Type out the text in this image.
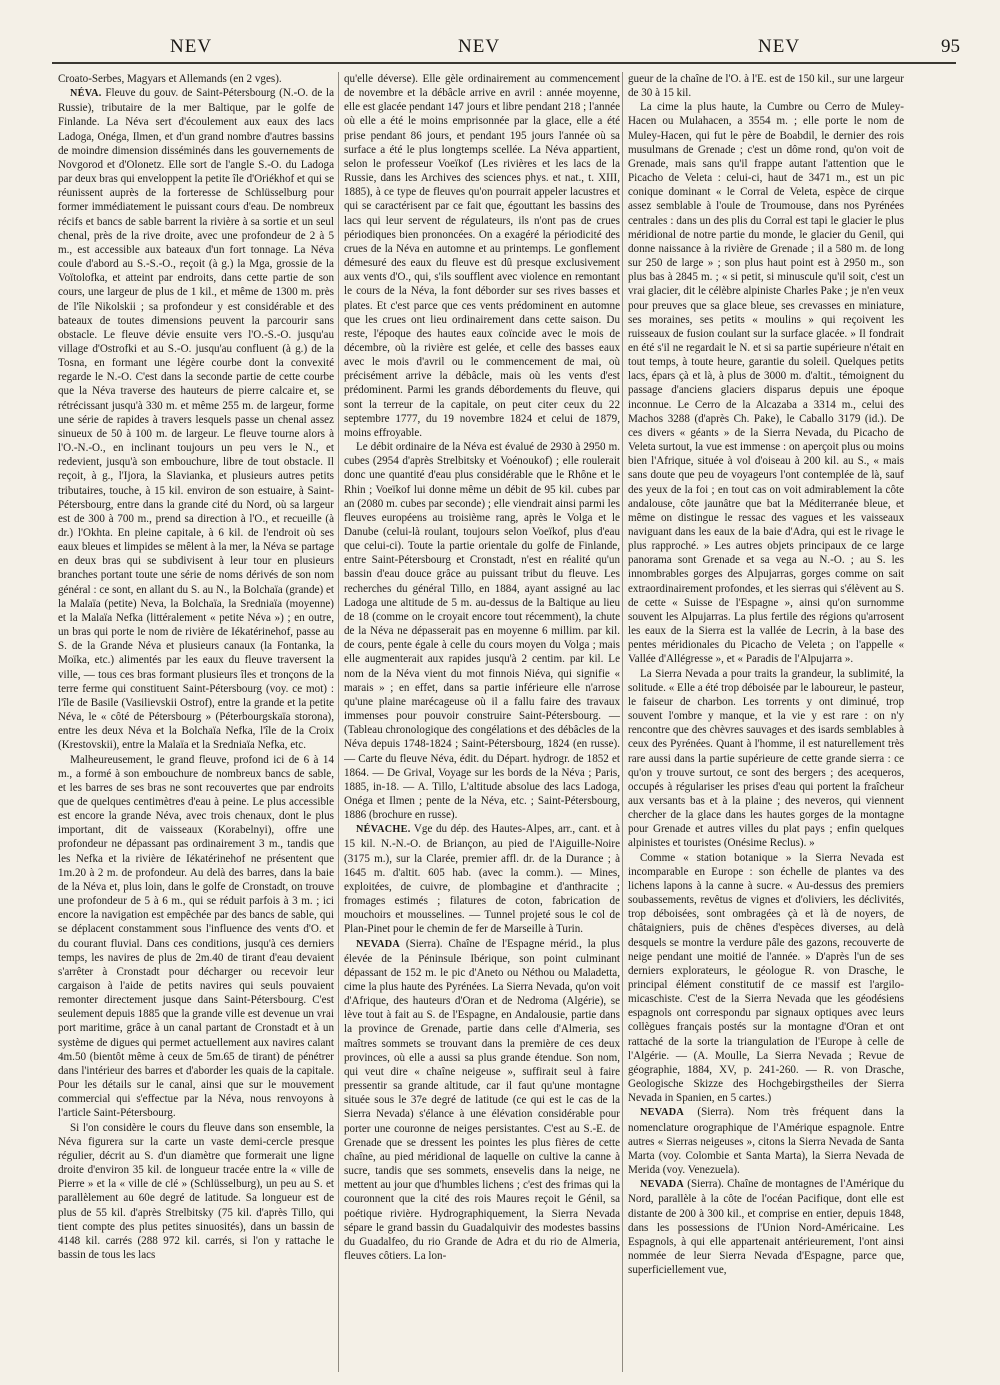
NEV	NEV	NEV	95

Croato-Serbes, Magyars et Allemands (en 2 vges).

NÉVA. Fleuve du gouv. de Saint-Pétersbourg (N.-O. de la Russie), tributaire de la mer Baltique, par le golfe de Finlande. La Néva sert d'écoulement aux eaux des lacs Ladoga, Onéga, Ilmen, et d'un grand nombre d'autres bassins de moindre dimension disséminés dans les gouvernements de Novgorod et d'Olonetz. Elle sort de l'angle S.-O. du Ladoga par deux bras qui enveloppent la petite île d'Oriékhof et qui se réunissent auprès de la forteresse de Schlüsselburg pour former immédiatement le puissant cours d'eau. De nombreux récifs et bancs de sable barrent la rivière à sa sortie et un seul chenal, près de la rive droite, avec une profondeur de 2 à 5 m., est accessible aux bateaux d'un fort tonnage. La Néva coule d'abord au S.-S.-O., reçoit (à g.) la Mga, grossie de la Voïtolofka, et atteint par endroits, dans cette partie de son cours, une largeur de plus de 1 kil., et même de 1300 m. près de l'île Nikolskii ; sa profondeur y est considérable et des bateaux de toutes dimensions peuvent la parcourir sans obstacle. Le fleuve dévie ensuite vers l'O.-S.-O. jusqu'au village d'Ostrofki et au S.-O. jusqu'au confluent (à g.) de la Tosna, en formant une légère courbe dont la convexité regarde le N.-O. C'est dans la seconde partie de cette courbe que la Néva traverse des hauteurs de pierre calcaire et, se rétrécissant jusqu'à 330 m. et même 255 m. de largeur, forme une série de rapides à travers lesquels passe un chenal assez sinueux de 50 à 100 m. de largeur. Le fleuve tourne alors à l'O.-N.-O., en inclinant toujours un peu vers le N., et redevient, jusqu'à son embouchure, libre de tout obstacle. Il reçoit, à g., l'Ijora, la Slavianka, et plusieurs autres petits tributaires, touche, à 15 kil. environ de son estuaire, à Saint-Pétersbourg, entre dans la grande cité du Nord, où sa largeur est de 300 à 700 m., prend sa direction à l'O., et recueille (à dr.) l'Okhta. En pleine capitale, à 6 kil. de l'endroit où ses eaux bleues et limpides se mêlent à la mer, la Néva se partage en deux bras qui se subdivisent à leur tour en plusieurs branches portant toute une série de noms dérivés de son nom général : ce sont, en allant du S. au N., la Bolchaïa (grande) et la Malaïa (petite) Neva, la Bolchaïa, la Sredniaïa (moyenne) et la Malaïa Nefka (littéralement « petite Néva ») ; en outre, un bras qui porte le nom de rivière de Iékatérinehof, passe au S. de la Grande Néva et plusieurs canaux (la Fontanka, la Moïka, etc.) alimentés par les eaux du fleuve traversent la ville, — tous ces bras formant plusieurs îles et tronçons de la terre ferme qui constituent Saint-Pétersbourg (voy. ce mot) : l'île de Basile (Vasilievskii Ostrof), entre la grande et la petite Néva, le « côté de Pétersbourg » (Péterbourgskaïa storona), entre les deux Néva et la Bolchaïa Nefka, l'île de la Croix (Krestovskii), entre la Malaïa et la Sredniaïa Nefka, etc.

Malheureusement, le grand fleuve, profond ici de 6 à 14 m., a formé à son embouchure de nombreux bancs de sable, et les barres de ses bras ne sont recouvertes que par endroits que de quelques centimètres d'eau à peine. Le plus accessible est encore la grande Néva, avec trois chenaux, dont le plus important, dit de vaisseaux (Korabelnyi), offre une profondeur ne dépassant pas ordinairement 3 m., tandis que les Nefka et la rivière de Iékatérinehof ne présentent que 1m.20 à 2 m. de profondeur. Au delà des barres, dans la baie de la Néva et, plus loin, dans le golfe de Cronstadt, on trouve une profondeur de 5 à 6 m., qui se réduit parfois à 3 m. ; ici encore la navigation est empêchée par des bancs de sable, qui se déplacent constamment sous l'influence des vents d'O. et du courant fluvial. Dans ces conditions, jusqu'à ces derniers temps, les navires de plus de 2m.40 de tirant d'eau devaient s'arrêter à Cronstadt pour décharger ou recevoir leur cargaison à l'aide de petits navires qui seuls pouvaient remonter directement jusque dans Saint-Pétersbourg. C'est seulement depuis 1885 que la grande ville est devenue un vrai port maritime, grâce à un canal partant de Cronstadt et à un système de digues qui permet actuellement aux navires calant 4m.50 (bientôt même à ceux de 5m.65 de tirant) de pénétrer dans l'intérieur des barres et d'aborder les quais de la capitale. Pour les détails sur le canal, ainsi que sur le mouvement commercial qui s'effectue par la Néva, nous renvoyons à l'article Saint-Pétersbourg.

Si l'on considère le cours du fleuve dans son ensemble, la Néva figurera sur la carte un vaste demi-cercle presque régulier, décrit au S. d'un diamètre que formerait une ligne droite d'environ 35 kil. de longueur tracée entre la « ville de Pierre » et la « ville de clé » (Schlüsselburg), un peu au S. et parallèlement au 60e degré de latitude. Sa longueur est de plus de 55 kil. d'après Strelbitsky (75 kil. d'après Tillo, qui tient compte des plus petites sinuosités), dans un bassin de 4148 kil. carrés (288 972 kil. carrés, si l'on y rattache le bassin de tous les lacs

qu'elle déverse). Elle gèle ordinairement au commencement de novembre et la débâcle arrive en avril : année moyenne, elle est glacée pendant 147 jours et libre pendant 218 ; l'année où elle a été le moins emprisonnée par la glace, elle a été prise pendant 86 jours, et pendant 195 jours l'année où sa surface a été le plus longtemps scellée. La Néva appartient, selon le professeur Voeïkof (Les rivières et les lacs de la Russie, dans les Archives des sciences phys. et nat., t. XIII, 1885), à ce type de fleuves qu'on pourrait appeler lacustres et qui se caractérisent par ce fait que, égouttant les bassins des lacs qui leur servent de régulateurs, ils n'ont pas de crues périodiques bien prononcées. On a exagéré la périodicité des crues de la Néva en automne et au printemps. Le gonflement démesuré des eaux du fleuve est dû presque exclusivement aux vents d'O., qui, s'ils soufflent avec violence en remontant le cours de la Néva, la font déborder sur ses rives basses et plates. Et c'est parce que ces vents prédominent en automne que les crues ont lieu ordinairement dans cette saison. Du reste, l'époque des hautes eaux coïncide avec le mois de décembre, où la rivière est gelée, et celle des basses eaux avec le mois d'avril ou le commencement de mai, où précisément arrive la débâcle, mais où les vents d'est prédominent. Parmi les grands débordements du fleuve, qui sont la terreur de la capitale, on peut citer ceux du 22 septembre 1777, du 19 novembre 1824 et celui de 1879, moins effroyable.

Le débit ordinaire de la Néva est évalué de 2930 à 2950 m. cubes (2954 d'après Strelbitsky et Voénoukof) ; elle roulerait donc une quantité d'eau plus considérable que le Rhône et le Rhin ; Voeïkof lui donne même un débit de 95 kil. cubes par an (2080 m. cubes par seconde) ; elle viendrait ainsi parmi les fleuves européens au troisième rang, après le Volga et le Danube (celui-là roulant, toujours selon Voeïkof, plus d'eau que celui-ci). Toute la partie orientale du golfe de Finlande, entre Saint-Pétersbourg et Cronstadt, n'est en réalité qu'un bassin d'eau douce grâce au puissant tribut du fleuve. Les recherches du général Tillo, en 1884, ayant assigné au lac Ladoga une altitude de 5 m. au-dessus de la Baltique au lieu de 18 (comme on le croyait encore tout récemment), la chute de la Néva ne dépasserait pas en moyenne 6 millim. par kil. de cours, pente égale à celle du cours moyen du Volga ; mais elle augmenterait aux rapides jusqu'à 2 centim. par kil. Le nom de la Néva vient du mot finnois Niéva, qui signifie « marais » ; en effet, dans sa partie inférieure elle n'arrose qu'une plaine marécageuse où il a fallu faire des travaux immenses pour pouvoir construire Saint-Pétersbourg. — (Tableau chronologique des congélations et des débâcles de la Néva depuis 1748-1824 ; Saint-Pétersbourg, 1824 (en russe). — Carte du fleuve Néva, édit. du Départ. hydrogr. de 1852 et 1864. — De Grival, Voyage sur les bords de la Néva ; Paris, 1885, in-18. — A. Tillo, L'altitude absolue des lacs Ladoga, Onéga et Ilmen ; pente de la Néva, etc. ; Saint-Pétersbourg, 1886 (brochure en russe).

NÉVACHE. Vge du dép. des Hautes-Alpes, arr., cant. et à 15 kil. N.-N.-O. de Briançon, au pied de l'Aiguille-Noire (3175 m.), sur la Clarée, premier affl. dr. de la Durance ; à 1645 m. d'altit. 605 hab. (avec la comm.). — Mines, exploitées, de cuivre, de plombagine et d'anthracite ; fromages estimés ; filatures de coton, fabrication de mouchoirs et mousselines. — Tunnel projeté sous le col de Plan-Pinet pour le chemin de fer de Marseille à Turin.

NEVADA (Sierra). Chaîne de l'Espagne mérid., la plus élevée de la Péninsule Ibérique, son point culminant dépassant de 152 m. le pic d'Aneto ou Néthou ou Maladetta, cime la plus haute des Pyrénées. La Sierra Nevada, qu'on voit d'Afrique, des hauteurs d'Oran et de Nedroma (Algérie), se lève tout à fait au S. de l'Espagne, en Andalousie, partie dans la province de Grenade, partie dans celle d'Almeria, ses maîtres sommets se trouvant dans la première de ces deux provinces, où elle a aussi sa plus grande étendue. Son nom, qui veut dire « chaîne neigeuse », suffirait seul à faire pressentir sa grande altitude, car il faut qu'une montagne située sous le 37e degré de latitude (ce qui est le cas de la Sierra Nevada) s'élance à une élévation considérable pour porter une couronne de neiges persistantes. C'est au S.-E. de Grenade que se dressent les pointes les plus fières de cette chaîne, au pied méridional de laquelle on cultive la canne à sucre, tandis que ses sommets, ensevelis dans la neige, ne mettent au jour que d'humbles lichens ; c'est des frimas qui la couronnent que la cité des rois Maures reçoit le Génil, sa poétique rivière. Hydrographiquement, la Sierra Nevada sépare le grand bassin du Guadalquivir des modestes bassins du Guadalfeo, du rio Grande de Adra et du rio de Almeria, fleuves côtiers. La lon-

gueur de la chaîne de l'O. à l'E. est de 150 kil., sur une largeur de 30 à 15 kil.

La cime la plus haute, la Cumbre ou Cerro de Muley-Hacen ou Mulahacen, a 3554 m. ; elle porte le nom de Muley-Hacen, qui fut le père de Boabdil, le dernier des rois musulmans de Grenade ; c'est un dôme rond, qu'on voit de Grenade, mais sans qu'il frappe autant l'attention que le Picacho de Veleta : celui-ci, haut de 3471 m., est un pic conique dominant « le Corral de Veleta, espèce de cirque assez semblable à l'oule de Troumouse, dans nos Pyrénées centrales : dans un des plis du Corral est tapi le glacier le plus méridional de notre partie du monde, le glacier du Genil, qui donne naissance à la rivière de Grenade ; il a 580 m. de long sur 250 de large » ; son plus haut point est à 2950 m., son plus bas à 2845 m. ; « si petit, si minuscule qu'il soit, c'est un vrai glacier, dit le célèbre alpiniste Charles Pake ; je n'en veux pour preuves que sa glace bleue, ses crevasses en miniature, ses moraines, ses petits « moulins » qui reçoivent les ruisseaux de fusion coulant sur la surface glacée. » Il fondrait en été s'il ne regardait le N. et si sa partie supérieure n'était en tout temps, à toute heure, garantie du soleil. Quelques petits lacs, épars çà et là, à plus de 3000 m. d'altit., témoignent du passage d'anciens glaciers disparus depuis une époque inconnue. Le Cerro de la Alcazaba a 3314 m., celui des Machos 3288 (d'après Ch. Pake), le Caballo 3179 (id.). De ces divers « géants » de la Sierra Nevada, du Picacho de Veleta surtout, la vue est immense : on aperçoit plus ou moins bien l'Afrique, située à vol d'oiseau à 200 kil. au S., « mais sans doute que peu de voyageurs l'ont contemplée de là, sauf des yeux de la foi ; en tout cas on voit admirablement la côte andalouse, côte jaunâtre que bat la Méditerranée bleue, et même on distingue le ressac des vagues et les vaisseaux naviguant dans les eaux de la baie d'Adra, qui est le rivage le plus rapproché. » Les autres objets principaux de ce large panorama sont Grenade et sa vega au N.-O. ; au S. les innombrables gorges des Alpujarras, gorges comme on sait extraordinairement profondes, et les sierras qui s'élèvent au S. de cette « Suisse de l'Espagne », ainsi qu'on surnomme souvent les Alpujarras. La plus fertile des régions qu'arrosent les eaux de la Sierra est la vallée de Lecrin, à la base des pentes méridionales du Picacho de Veleta ; on l'appelle « Vallée d'Allégresse », et « Paradis de l'Alpujarra ».

La Sierra Nevada a pour traits la grandeur, la sublimité, la solitude. « Elle a été trop déboisée par le laboureur, le pasteur, le faiseur de charbon. Les torrents y ont diminué, trop souvent l'ombre y manque, et la vie y est rare : on n'y rencontre que des chèvres sauvages et des isards semblables à ceux des Pyrénées. Quant à l'homme, il est naturellement très rare aussi dans la partie supérieure de cette grande sierra : ce qu'on y trouve surtout, ce sont des bergers ; des acequeros, occupés à régulariser les prises d'eau qui portent la fraîcheur aux versants bas et à la plaine ; des neveros, qui viennent chercher de la glace dans les hautes gorges de la montagne pour Grenade et autres villes du plat pays ; enfin quelques alpinistes et touristes (Onésime Reclus). »

Comme « station botanique » la Sierra Nevada est incomparable en Europe : son échelle de plantes va des lichens lapons à la canne à sucre. « Au-dessus des premiers soubassements, revêtus de vignes et d'oliviers, les déclivités, trop déboisées, sont ombragées çà et là de noyers, de châtaigniers, puis de chênes d'espèces diverses, au delà desquels se montre la verdure pâle des gazons, recouverte de neige pendant une moitié de l'année. » D'après l'un de ses derniers explorateurs, le géologue R. von Drasche, le principal élément constitutif de ce massif est l'argilo-micaschiste. C'est de la Sierra Nevada que les géodésiens espagnols ont correspondu par signaux optiques avec leurs collègues français postés sur la montagne d'Oran et ont rattaché de la sorte la triangulation de l'Europe à celle de l'Algérie. — (A. Moulle, La Sierra Nevada ; Revue de géographie, 1884, XV, p. 241-260. — R. von Drasche, Geologische Skizze des Hochgebirgstheiles der Sierra Nevada in Spanien, en 5 cartes.)

NEVADA (Sierra). Nom très fréquent dans la nomenclature orographique de l'Amérique espagnole. Entre autres « Sierras neigeuses », citons la Sierra Nevada de Santa Marta (voy. Colombie et Santa Marta), la Sierra Nevada de Merida (voy. Venezuela).

NEVADA (Sierra). Chaîne de montagnes de l'Amérique du Nord, parallèle à la côte de l'océan Pacifique, dont elle est distante de 200 à 300 kil., et comprise en entier, depuis 1848, dans les possessions de l'Union Nord-Américaine. Les Espagnols, à qui elle appartenait antérieurement, l'ont ainsi nommée de leur Sierra Nevada d'Espagne, parce que, superficiellement vue,
